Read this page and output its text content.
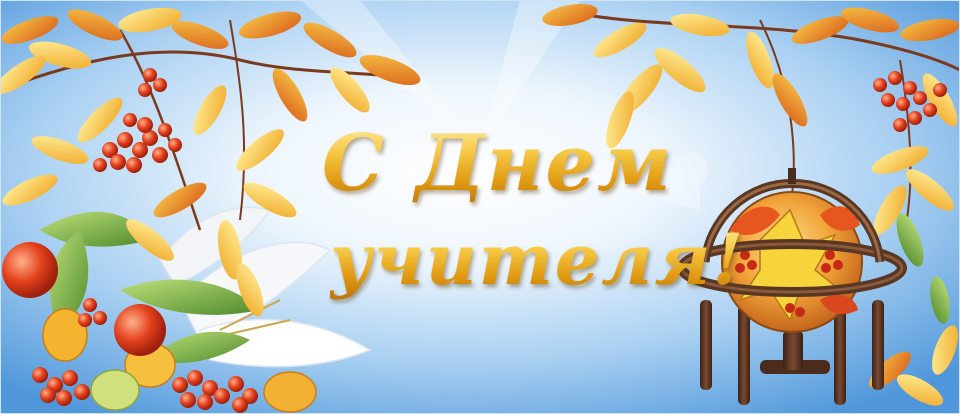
С Днем
учителя!
